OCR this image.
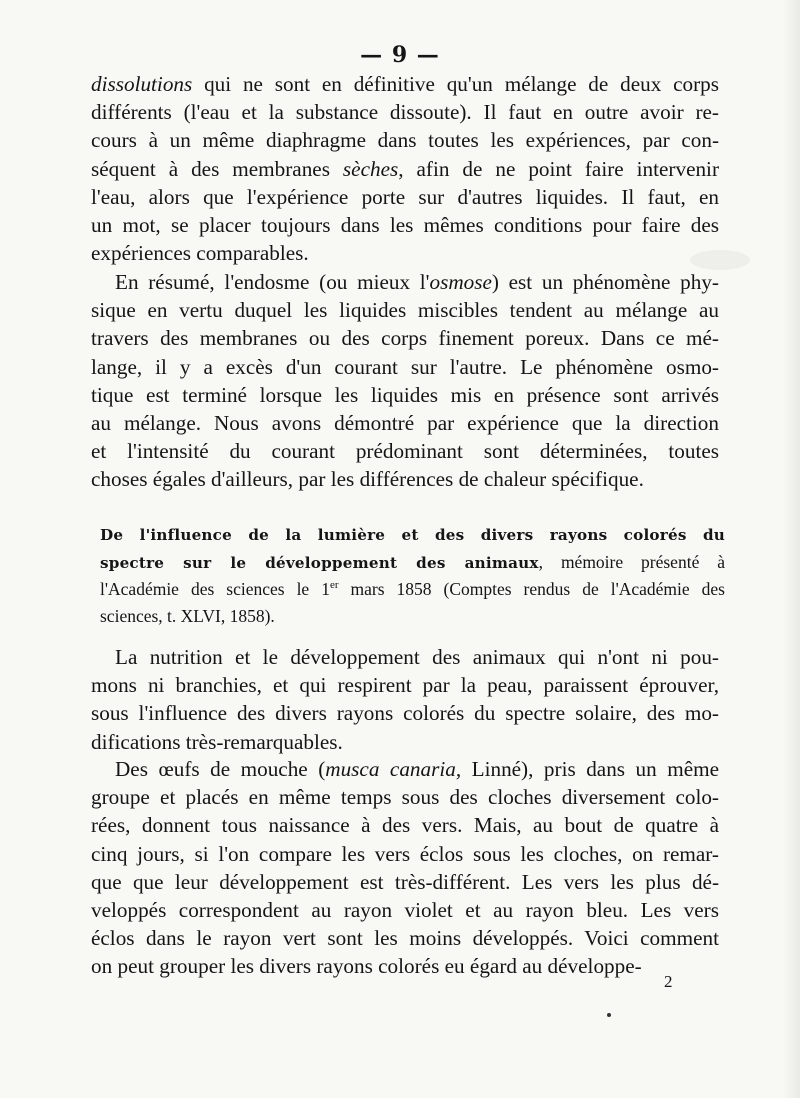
— 9 —
dissolutions qui ne sont en définitive qu'un mélange de deux corps
différents (l'eau et la substance dissoute). Il faut en outre avoir re-
cours à un même diaphragme dans toutes les expériences, par con-
séquent à des membranes sèches, afin de ne point faire intervenir
l'eau, alors que l'expérience porte sur d'autres liquides. Il faut, en
un mot, se placer toujours dans les mêmes conditions pour faire des
expériences comparables.
En résumé, l'endosme (ou mieux l'osmose) est un phénomène phy-
sique en vertu duquel les liquides miscibles tendent au mélange au
travers des membranes ou des corps finement poreux. Dans ce mé-
lange, il y a excès d'un courant sur l'autre. Le phénomène osmo-
tique est terminé lorsque les liquides mis en présence sont arrivés
au mélange. Nous avons démontré par expérience que la direction
et l'intensité du courant prédominant sont déterminées, toutes
choses égales d'ailleurs, par les différences de chaleur spécifique.
De l'influence de la lumière et des divers rayons colorés du
spectre sur le développement des animaux, mémoire présenté à
l'Académie des sciences le 1er mars 1858 (Comptes rendus de l'Académie des
sciences, t. XLVI, 1858).
La nutrition et le développement des animaux qui n'ont ni pou-
mons ni branchies, et qui respirent par la peau, paraissent éprouver,
sous l'influence des divers rayons colorés du spectre solaire, des mo-
difications très-remarquables.
Des œufs de mouche (musca canaria, Linné), pris dans un même
groupe et placés en même temps sous des cloches diversement colo-
rées, donnent tous naissance à des vers. Mais, au bout de quatre à
cinq jours, si l'on compare les vers éclos sous les cloches, on remar-
que que leur développement est très-différent. Les vers les plus dé-
veloppés correspondent au rayon violet et au rayon bleu. Les vers
éclos dans le rayon vert sont les moins développés. Voici comment
on peut grouper les divers rayons colorés eu égard au développe-
2
